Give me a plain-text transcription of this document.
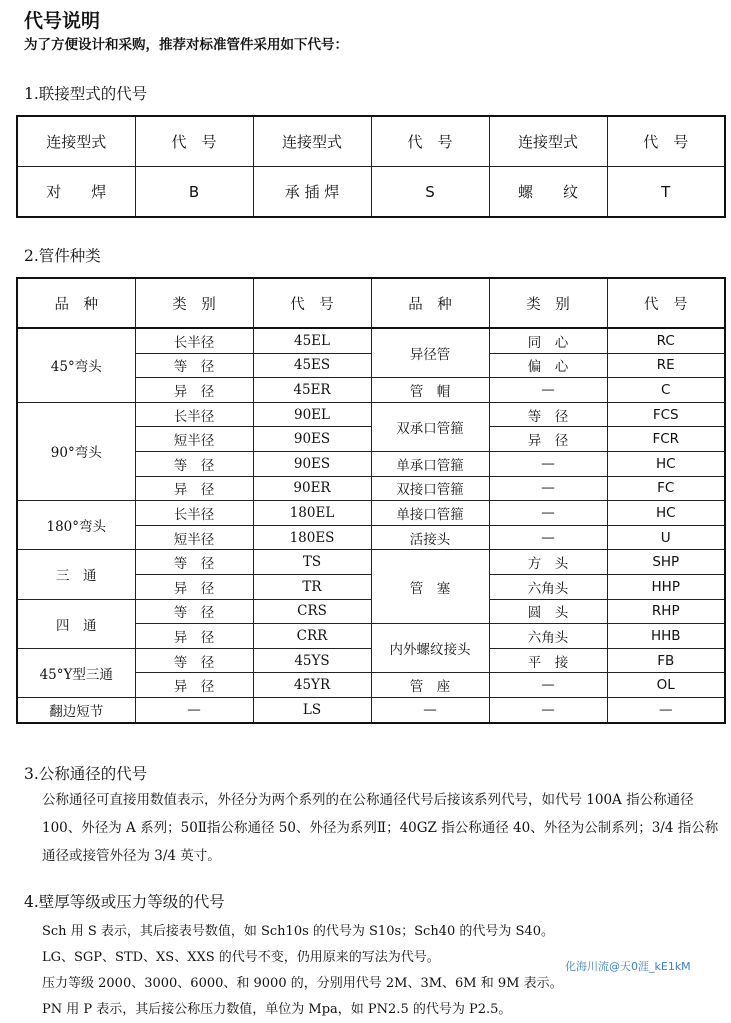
代号说明
为了方便设计和采购，推荐对标准管件采用如下代号：
1.联接型式的代号
连接型式	代　号	连接型式	代　号	连接型式	代　号
对　　焊	B	承 插 焊	S	螺　　纹	T
2.管件种类
品　种	类　别	代　号	品　种	类　别	代　号
45°弯头	长半径	45EL	异径管	同　心	RC
	等　径	45ES		偏　心	RE
	异　径	45ER	管　帽	—	C
90°弯头	长半径	90EL	双承口管箍	等　径	FCS
	短半径	90ES		异　径	FCR
	等　径	90ES	单承口管箍	—	HC
	异　径	90ER	双接口管箍	—	FC
180°弯头	长半径	180EL	单接口管箍	—	HC
	短半径	180ES	活接头	—	U
三　通	等　径	TS	管　塞	方　头	SHP
	异　径	TR		六角头	HHP
四　通	等　径	CRS		圆　头	RHP
	异　径	CRR	内外螺纹接头	六角头	HHB
45°Y型三通	等　径	45YS		平　接	FB
	异　径	45YR	管　座	—	OL
翻边短节	—	LS	—	—	—
3.公称通径的代号
公称通径可直接用数值表示，外径分为两个系列的在公称通径代号后接该系列代号，如代号 100A 指公称通径 100、外径为 A 系列；50Ⅱ指公称通径 50、外径为系列Ⅱ；40GZ 指公称通径 40、外径为公制系列；3/4 指公称通径或接管外径为 3/4 英寸。
4.壁厚等级或压力等级的代号
Sch 用 S 表示，其后接表号数值，如 Sch10s 的代号为 S10s；Sch40 的代号为 S40。
LG、SGP、STD、XS、XXS 的代号不变，仍用原来的写法为代号。
压力等级 2000、3000、6000、和 9000 的，分别用代号 2M、3M、6M 和 9M 表示。
PN 用 P 表示，其后接公称压力数值，单位为 Mpa，如 PN2.5 的代号为 P2.5。
化海川流@天0涯_kE1kM
